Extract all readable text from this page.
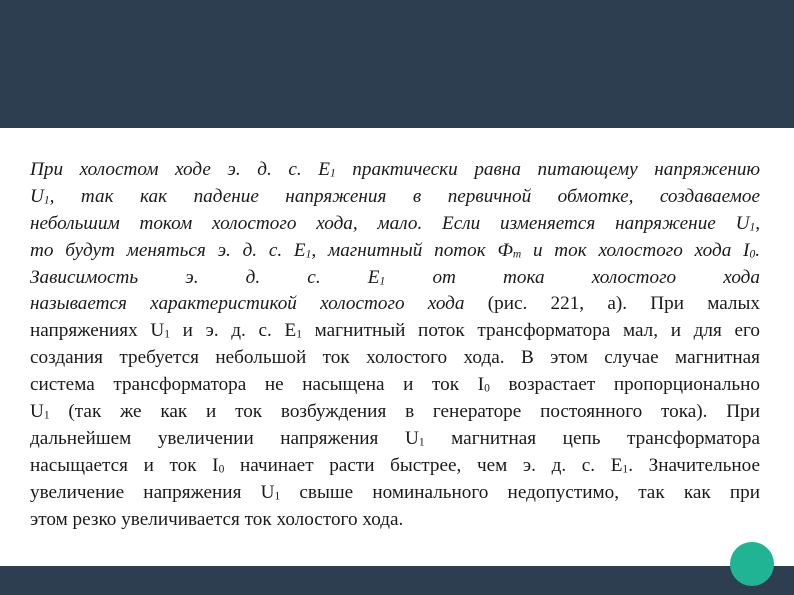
При холостом ходе э. д. с. $E_1$ практически равна питающему напряжению
$U_1$, так как падение напряжения в первичной обмотке, создаваемое
небольшим током холостого хода, мало. Если изменяется напряжение $U_1$,
то будут меняться э. д. с. $E_1$, магнитный поток $Ф_m$ и ток холостого хода $I_0$.
Зависимость э. д. с. $E_1$ от тока холостого хода
называется характеристикой холостого хода (рис. 221, а). При малых
напряжениях $U_1$ и э. д. с. $E_1$ магнитный поток трансформатора мал, и для его
создания требуется небольшой ток холостого хода. В этом случае магнитная
система трансформатора не насыщена и ток $I_0$ возрастает пропорционально
$U_1$ (так же как и ток возбуждения в генераторе постоянного тока). При
дальнейшем увеличении напряжения $U_1$ магнитная цепь трансформатора
насыщается и ток $I_0$ начинает расти быстрее, чем э. д. с. $E_1$. Значительное
увеличение напряжения $U_1$ свыше номинального недопустимо, так как при
этом резко увеличивается ток холостого хода.
